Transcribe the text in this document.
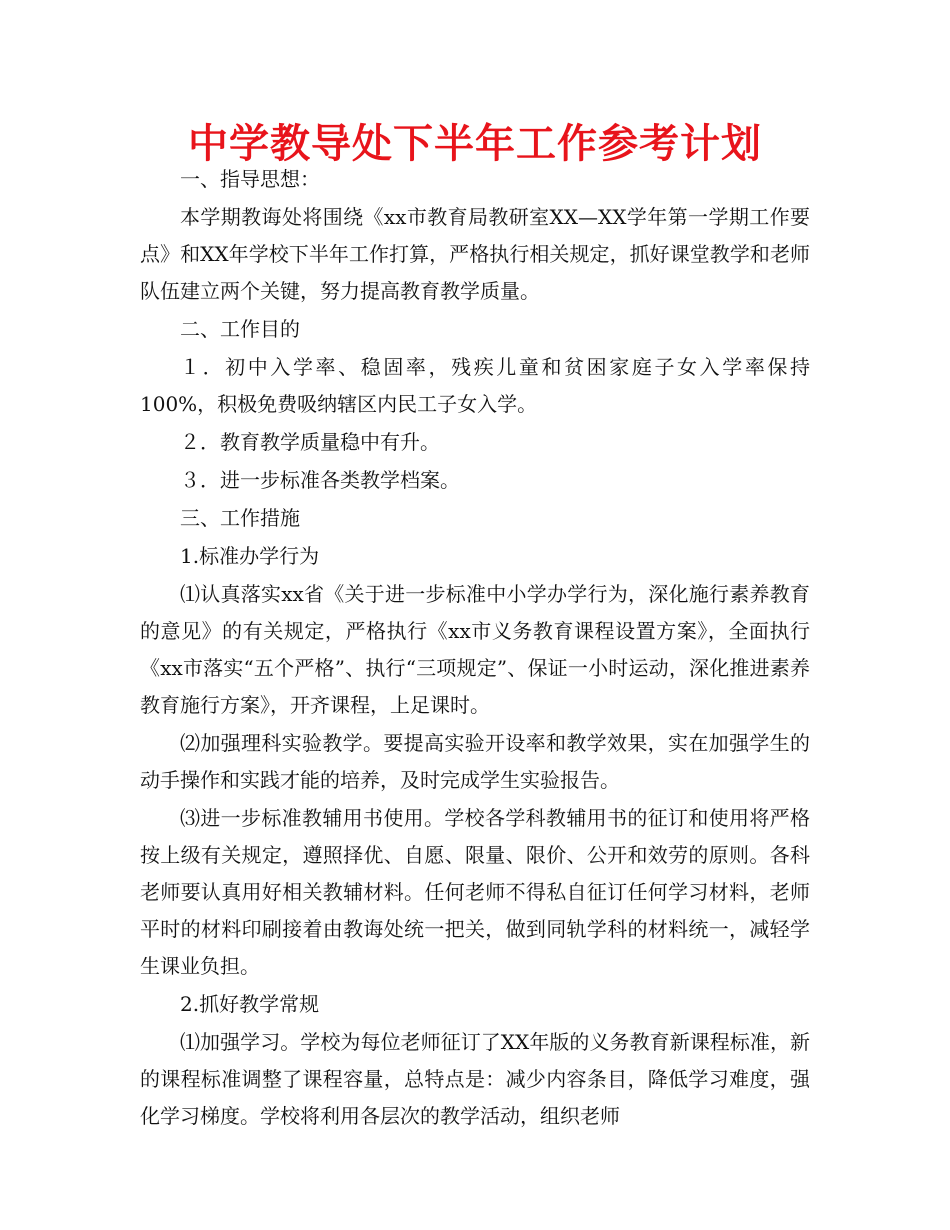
中学教导处下半年工作参考计划

一、指导思想：

本学期教诲处将围绕《xx市教育局教研室XX—XX学年第一学期工作要点》和XX年学校下半年工作打算，严格执行相关规定，抓好课堂教学和老师队伍建立两个关键，努力提高教育教学质量。

二、工作目的

１．初中入学率、稳固率，残疾儿童和贫困家庭子女入学率保持100%，积极免费吸纳辖区内民工子女入学。

２．教育教学质量稳中有升。

３．进一步标准各类教学档案。

三、工作措施

1.标准办学行为

⑴认真落实xx省《关于进一步标准中小学办学行为，深化施行素养教育的意见》的有关规定，严格执行《xx市义务教育课程设置方案》，全面执行《xx市落实“五个严格”、执行“三项规定”、保证一小时运动，深化推进素养教育施行方案》，开齐课程，上足课时。

⑵加强理科实验教学。要提高实验开设率和教学效果，实在加强学生的动手操作和实践才能的培养，及时完成学生实验报告。

⑶进一步标准教辅用书使用。学校各学科教辅用书的征订和使用将严格按上级有关规定，遵照择优、自愿、限量、限价、公开和效劳的原则。各科老师要认真用好相关教辅材料。任何老师不得私自征订任何学习材料，老师平时的材料印刷接着由教诲处统一把关，做到同轨学科的材料统一，减轻学生课业负担。

2.抓好教学常规

⑴加强学习。学校为每位老师征订了XX年版的义务教育新课程标准，新的课程标准调整了课程容量，总特点是：减少内容条目，降低学习难度，强化学习梯度。学校将利用各层次的教学活动，组织老师
